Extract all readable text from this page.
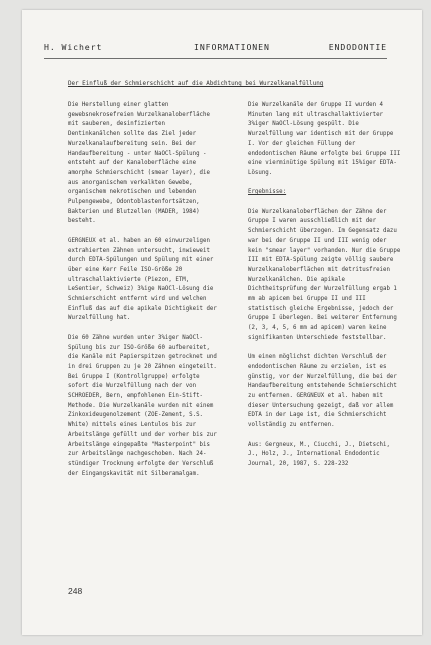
H. Wichert	INFORMATIONEN	ENDODONTIE
Der Einfluß der Schmierschicht auf die Abdichtung bei Wurzelkanalfüllung

Die Herstellung einer glatten gewebsnekrosefreien Wurzelkanaloberfläche mit sauberen, desinfizierten Dentinkanälchen sollte das Ziel jeder Wurzelkanalaufbereitung sein. Bei der Handaufbereitung - unter NaOCl-Spülung - entsteht auf der Kanaloberfläche eine amorphe Schmierschicht (smear layer), die aus anorganischem verkalkten Gewebe, organischem nekrotischen und lebenden Pulpengewebe, Odontoblastenfortsätzen, Bakterien und Blutzellen (MADER, 1984) besteht.

GERGNEUX et al. haben an 60 einwurzeligen extrahierten Zähnen untersucht, inwieweit durch EDTA-Spülungen und Spülung mit einer über eine Kerr Feile ISO-Größe 20 ultraschallaktivierte (Piezon, ETM, LeSentier, Schweiz) 3%ige NaOCl-Lösung die Schmierschicht entfernt wird und welchen Einfluß das auf die apikale Dichtigkeit der Wurzelfüllung hat.

Die 60 Zähne wurden unter 3%iger NaOCl-Spülung bis zur ISO-Größe 60 aufbereitet, die Kanäle mit Papierspitzen getrocknet und in drei Gruppen zu je 20 Zähnen eingeteilt. Bei Gruppe I (Kontrollgruppe) erfolgte sofort die Wurzelfüllung nach der von SCHROEDER, Bern, empfohlenen Ein-Stift-Methode. Die Wurzelkanäle wurden mit einem Zinkoxideugenolzement (ZOE-Zement, S.S. White) mittels eines Lentulos bis zur Arbeitslänge gefüllt und der vorher bis zur Arbeitslänge eingepaßte "Masterpoint" bis zur Arbeitslänge nachgeschoben. Nach 24-stündiger Trocknung erfolgte der Verschluß der Eingangskavität mit Silberamalgam.

Die Wurzelkanäle der Gruppe II wurden 4 Minuten lang mit ultraschallaktivierter 3%iger NaOCl-Lösung gespült. Die Wurzelfüllung war identisch mit der Gruppe I. Vor der gleichen Füllung der endodontischen Räume erfolgte bei Gruppe III eine vierminütige Spülung mit 15%iger EDTA-Lösung.

Ergebnisse:

Die Wurzelkanaloberflächen der Zähne der Gruppe I waren ausschließlich mit der Schmierschicht überzogen. Im Gegensatz dazu war bei der Gruppe II und III wenig oder kein "smear layer" vorhanden. Nur die Gruppe III mit EDTA-Spülung zeigte völlig saubere Wurzelkanaloberflächen mit detritusfreien Wurzelkanälchen. Die apikale Dichtheitsprüfung der Wurzelfüllung ergab 1 mm ab apicem bei Gruppe II und III statistisch gleiche Ergebnisse, jedoch der Gruppe I überlegen. Bei weiterer Entfernung (2, 3, 4, 5, 6 mm ad apicem) waren keine signifikanten Unterschiede feststellbar.

Um einen möglichst dichten Verschluß der endodontischen Räume zu erzielen, ist es günstig, vor der Wurzelfüllung, die bei der Handaufbereitung entstehende Schmierschicht zu entfernen. GERGNEUX et al. haben mit dieser Untersuchung gezeigt, daß vor allem EDTA in der Lage ist, die Schmierschicht vollständig zu entfernen.

Aus: Gergneux, M., Ciucchi, J., Dietschi, J., Holz, J., International Endodontic Journal, 20, 1987, S. 228-232

248
